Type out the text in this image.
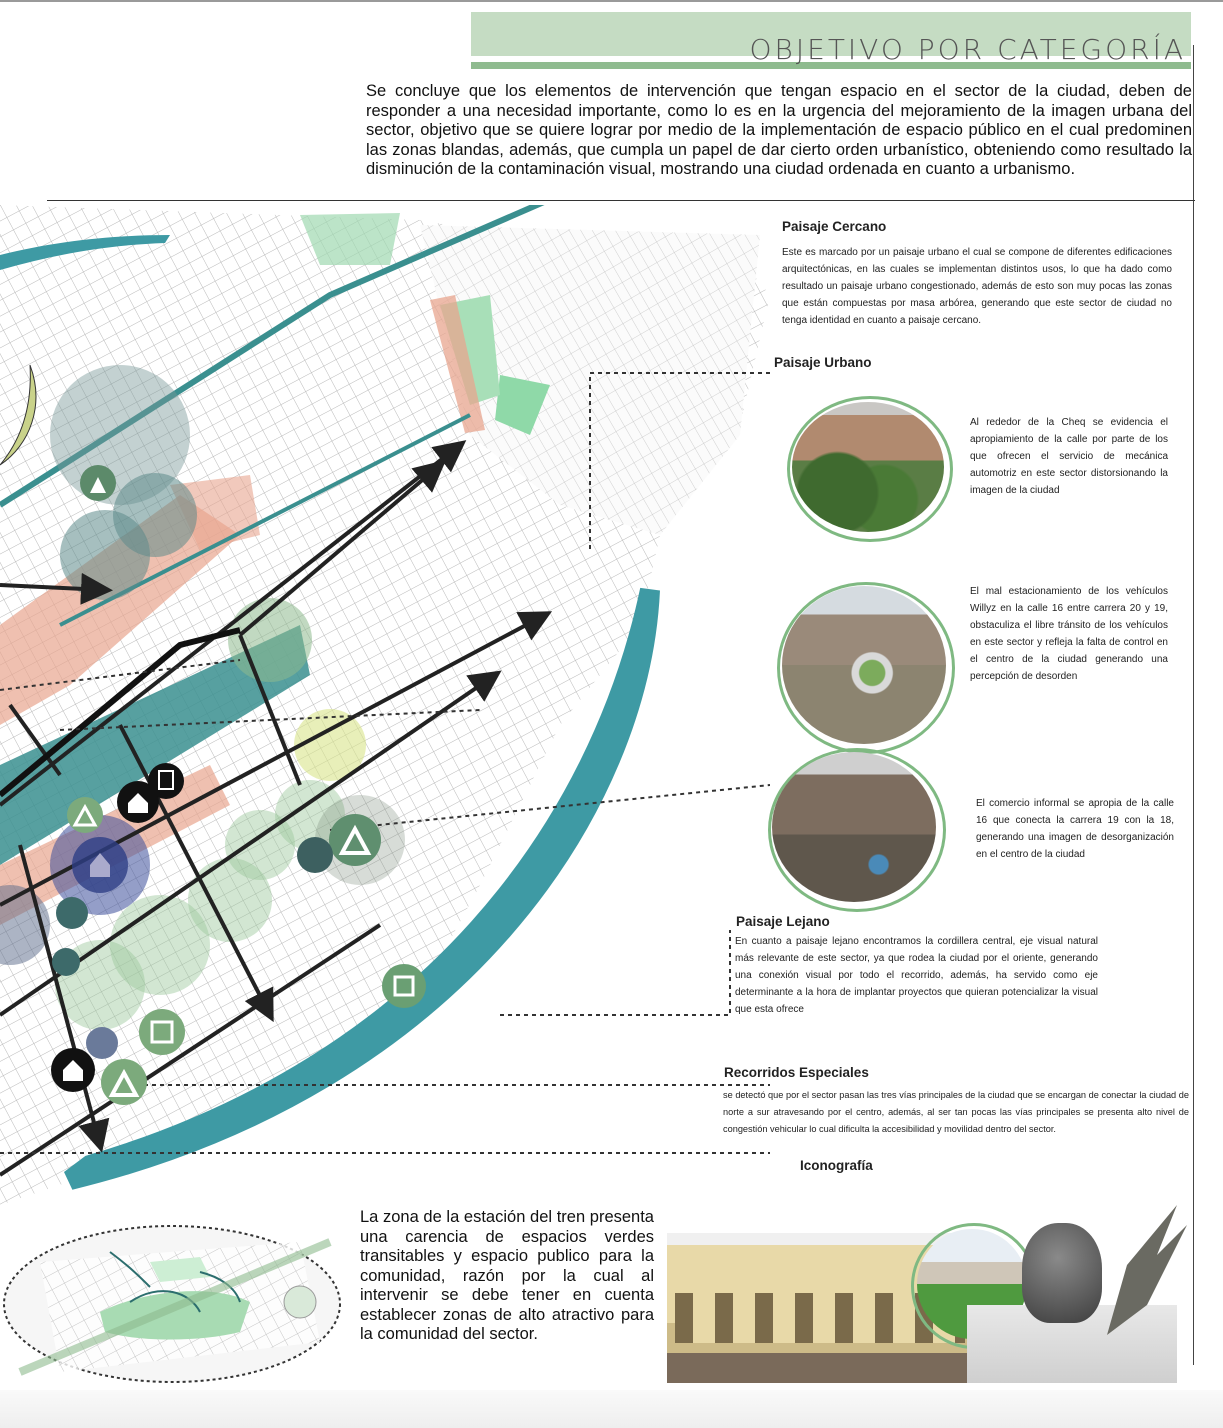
OBJETIVO POR CATEGORÍA
Se concluye que los elementos de intervención que tengan espacio en el sector de la ciudad, deben de responder a una necesidad importante, como lo es en la urgencia del mejoramiento de la imagen urbana del sector, objetivo que se quiere lograr por medio de la implementación de espacio público en el cual predominen las zonas blandas, además, que cumpla un papel de dar cierto orden urbanístico, obteniendo como resultado la disminución de la contaminación visual, mostrando una ciudad ordenada en cuanto a urbanismo.
Paisaje Cercano
Este es marcado por un paisaje urbano el cual se compone de diferentes edificaciones arquitectónicas, en las cuales se implementan distintos usos, lo que ha dado como resultado un paisaje urbano congestionado, además de esto son muy pocas las zonas que están compuestas por masa arbórea, generando que este sector de ciudad no tenga identidad en cuanto a paisaje cercano.
Paisaje Urbano
Al rededor de la Cheq se evidencia el apropiamiento de la calle por parte de los que ofrecen el servicio de mecánica automotriz en este sector distorsionando la imagen de la ciudad
El mal estacionamiento de los vehículos Willyz en la calle 16 entre carrera 20 y 19, obstaculiza el libre tránsito de los vehículos en este sector y refleja la falta de control en el centro de la ciudad generando una percepción de desorden
El comercio informal se apropia de la calle 16 que conecta la carrera 19 con la 18, generando una imagen de desorganización en el centro de la ciudad
Paisaje Lejano
En cuanto a paisaje lejano encontramos la cordillera central, eje visual natural más relevante de este sector, ya que rodea la ciudad por el oriente, generando una conexión visual por todo el recorrido, además, ha servido como eje determinante a la hora de implantar proyectos que quieran potencializar la visual que esta ofrece
Recorridos Especiales
se detectó que por el sector pasan las tres vías principales de la ciudad que se encargan de conectar la ciudad de norte a sur atravesando por el centro, además, al ser tan pocas las vías principales se presenta alto nivel de congestión vehicular lo cual dificulta la accesibilidad y movilidad dentro del sector.
Iconografía
La zona de la estación del tren presenta una carencia de espacios verdes transitables y espacio publico para la comunidad, razón por la cual al intervenir se debe tener en cuenta establecer zonas de alto atractivo para la comunidad del sector.
